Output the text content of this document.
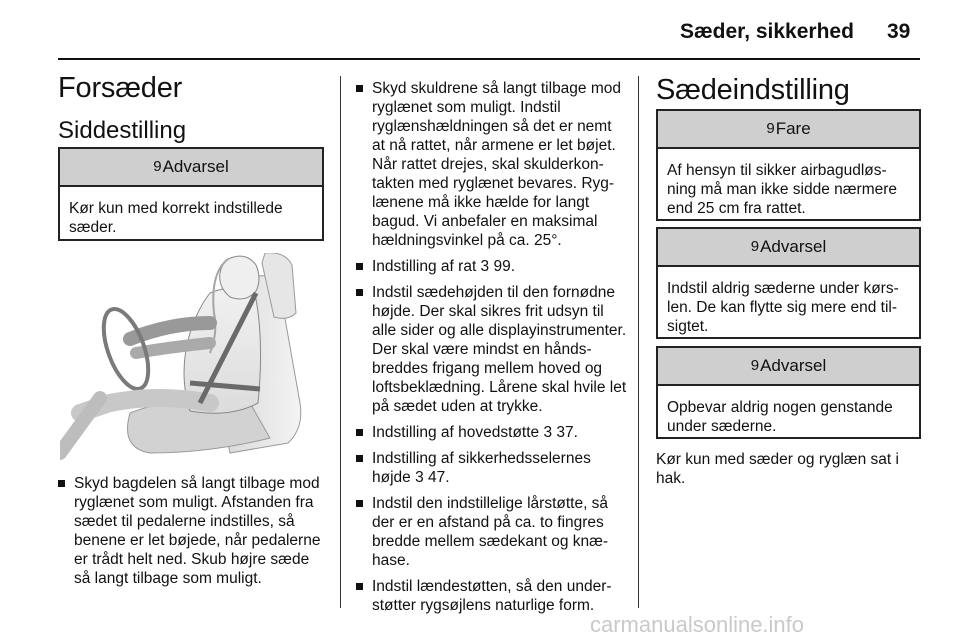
Sæder, sikkerhed 39
Forsæder
Siddestilling
9Advarsel
Kør kun med korrekt indstillede sæder.
Skyd bagdelen så langt tilbage mod ryglænet som muligt. Afstanden fra sædet til pedalerne indstilles, så benene er let bøjede, når pedalerne er trådt helt ned. Skub højre sæde så langt tilbage som muligt.
Skyd skuldrene så langt tilbage mod ryglænet som muligt. Indstil ryglænshældningen så det er nemt at nå rattet, når armene er let bøjet. Når rattet drejes, skal skulderkontakten med ryglænet bevares. Ryglænene må ikke hælde for langt bagud. Vi anbefaler en maksimal hældningsvinkel på ca. 25°.
Indstilling af rat 3 99.
Indstil sædehøjden til den fornødne højde. Der skal sikres frit udsyn til alle sider og alle displayinstrumenter. Der skal være mindst en håndsbreddes frigang mellem hoved og loftsbeklædning. Lårene skal hvile let på sædet uden at trykke.
Indstilling af hovedstøtte 3 37.
Indstilling af sikkerhedsselernes højde 3 47.
Indstil den indstillelige lårstøtte, så der er en afstand på ca. to fingres bredde mellem sædekant og knæhase.
Indstil lændestøtten, så den understøtter rygsøjlens naturlige form.
Sædeindstilling
9Fare
Af hensyn til sikker airbagudløsning må man ikke sidde nærmere end 25 cm fra rattet.
9Advarsel
Indstil aldrig sæderne under kørslen. De kan flytte sig mere end tilsigtet.
9Advarsel
Opbevar aldrig nogen genstande under sæderne.
Kør kun med sæder og ryglæn sat i hak.
carmanualsonline.info
